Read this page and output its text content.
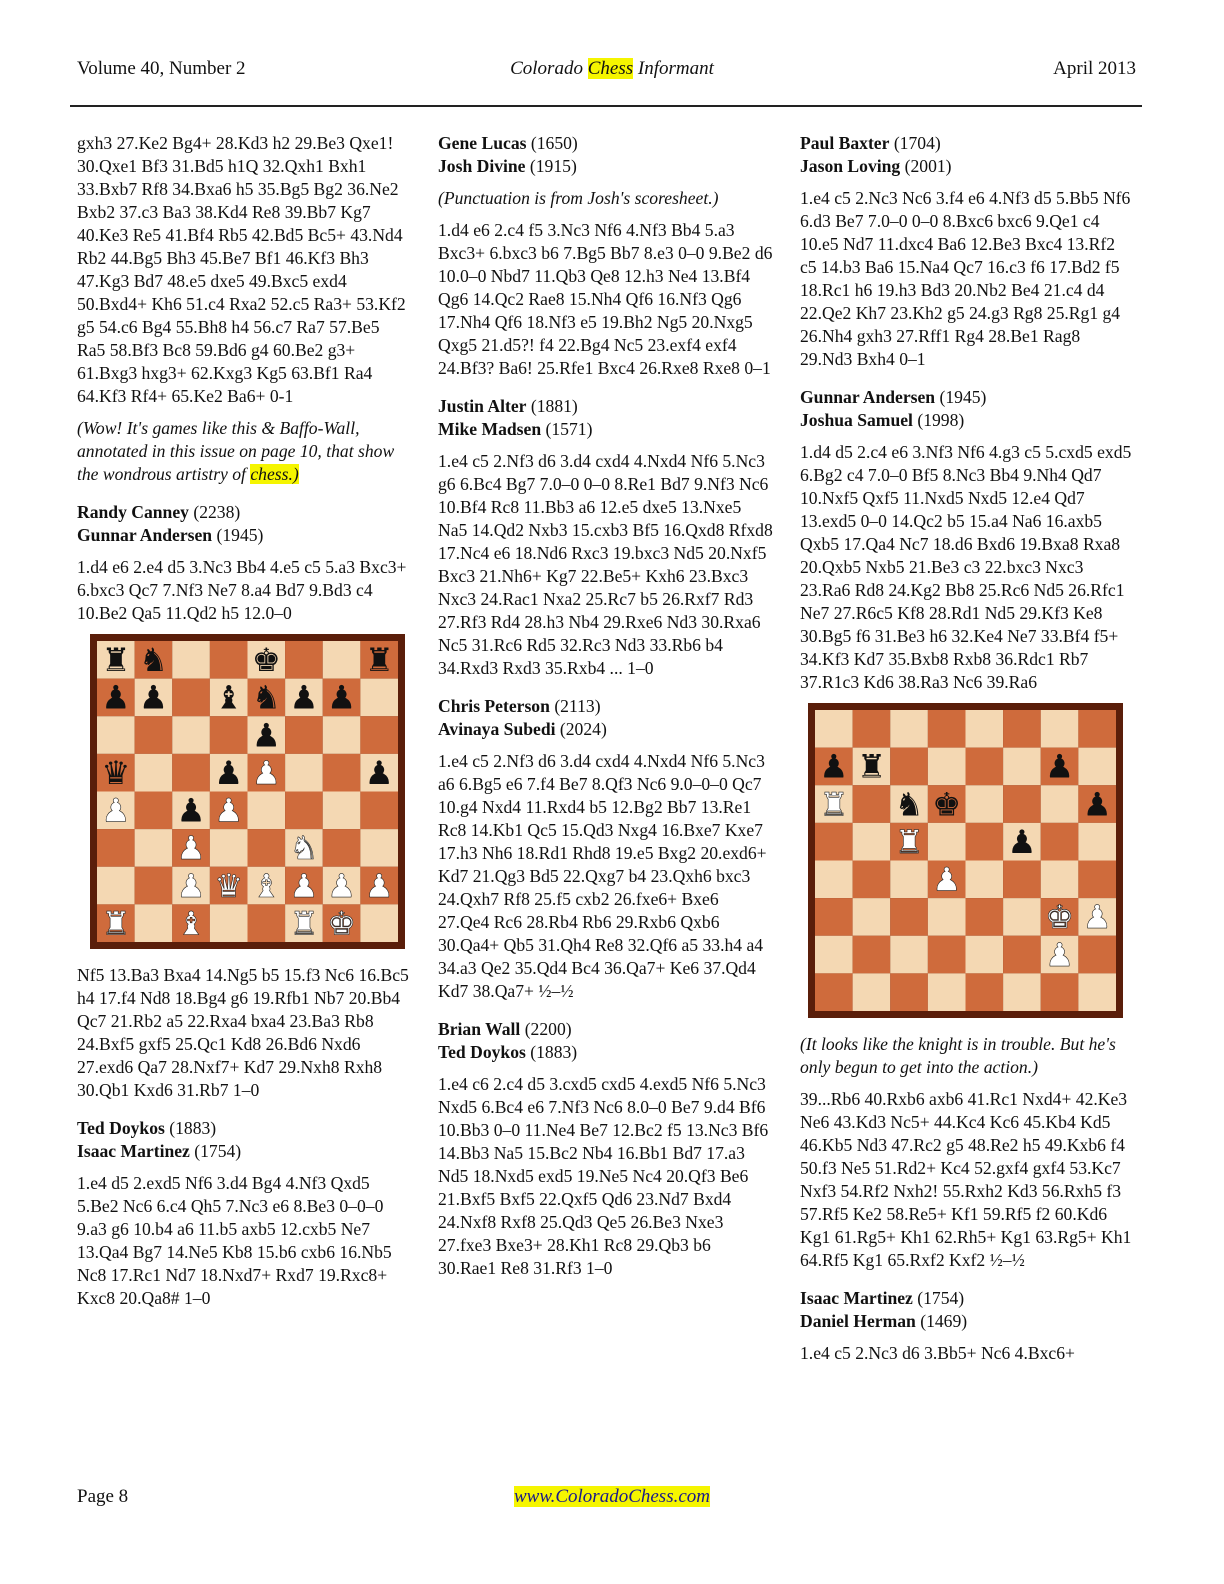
Volume 40, Number 2	Colorado Chess Informant	April 2013

gxh3 27.Ke2 Bg4+ 28.Kd3 h2 29.Be3 Qxe1! 30.Qxe1 Bf3 31.Bd5 h1Q 32.Qxh1 Bxh1 33.Bxb7 Rf8 34.Bxa6 h5 35.Bg5 Bg2 36.Ne2 Bxb2 37.c3 Ba3 38.Kd4 Re8 39.Bb7 Kg7 40.Ke3 Re5 41.Bf4 Rb5 42.Bd5 Bc5+ 43.Nd4 Rb2 44.Bg5 Bh3 45.Be7 Bf1 46.Kf3 Bh3 47.Kg3 Bd7 48.e5 dxe5 49.Bxc5 exd4 50.Bxd4+ Kh6 51.c4 Rxa2 52.c5 Ra3+ 53.Kf2 g5 54.c6 Bg4 55.Bh8 h4 56.c7 Ra7 57.Be5 Ra5 58.Bf3 Bc8 59.Bd6 g4 60.Be2 g3+ 61.Bxg3 hxg3+ 62.Kxg3 Kg5 63.Bf1 Ra4 64.Kf3 Rf4+ 65.Ke2 Ba6+ 0-1

(Wow! It's games like this & Baffo-Wall, annotated in this issue on page 10, that show the wondrous artistry of chess.)

Randy Canney (2238)
Gunnar Andersen (1945)

1.d4 e6 2.e4 d5 3.Nc3 Bb4 4.e5 c5 5.a3 Bxc3+ 6.bxc3 Qc7 7.Nf3 Ne7 8.a4 Bd7 9.Bd3 c4 10.Be2 Qa5 11.Qd2 h5 12.0–0

♜ ♞	♚	♜
♟ ♟ ♝ ♞ ♟ ♟
♟
♛	♟ ♟	♟
♟ ♟ ♟
♟	♞
♟ ♛ ♝ ♟ ♟ ♟
♜ ♝	♜ ♚

Nf5 13.Ba3 Bxa4 14.Ng5 b5 15.f3 Nc6 16.Bc5 h4 17.f4 Nd8 18.Bg4 g6 19.Rfb1 Nb7 20.Bb4 Qc7 21.Rb2 a5 22.Rxa4 bxa4 23.Ba3 Rb8 24.Bxf5 gxf5 25.Qc1 Kd8 26.Bd6 Nxd6 27.exd6 Qa7 28.Nxf7+ Kd7 29.Nxh8 Rxh8 30.Qb1 Kxd6 31.Rb7 1–0

Ted Doykos (1883)
Isaac Martinez (1754)

1.e4 d5 2.exd5 Nf6 3.d4 Bg4 4.Nf3 Qxd5 5.Be2 Nc6 6.c4 Qh5 7.Nc3 e6 8.Be3 0–0–0 9.a3 g6 10.b4 a6 11.b5 axb5 12.cxb5 Ne7 13.Qa4 Bg7 14.Ne5 Kb8 15.b6 cxb6 16.Nb5 Nc8 17.Rc1 Nd7 18.Nxd7+ Rxd7 19.Rxc8+ Kxc8 20.Qa8# 1–0

Gene Lucas (1650)
Josh Divine (1915)

(Punctuation is from Josh's scoresheet.)

1.d4 e6 2.c4 f5 3.Nc3 Nf6 4.Nf3 Bb4 5.a3 Bxc3+ 6.bxc3 b6 7.Bg5 Bb7 8.e3 0–0 9.Be2 d6 10.0–0 Nbd7 11.Qb3 Qe8 12.h3 Ne4 13.Bf4 Qg6 14.Qc2 Rae8 15.Nh4 Qf6 16.Nf3 Qg6 17.Nh4 Qf6 18.Nf3 e5 19.Bh2 Ng5 20.Nxg5 Qxg5 21.d5?! f4 22.Bg4 Nc5 23.exf4 exf4 24.Bf3? Ba6! 25.Rfe1 Bxc4 26.Rxe8 Rxe8 0–1

Justin Alter (1881)
Mike Madsen (1571)

1.e4 c5 2.Nf3 d6 3.d4 cxd4 4.Nxd4 Nf6 5.Nc3 g6 6.Bc4 Bg7 7.0–0 0–0 8.Re1 Bd7 9.Nf3 Nc6 10.Bf4 Rc8 11.Bb3 a6 12.e5 dxe5 13.Nxe5 Na5 14.Qd2 Nxb3 15.cxb3 Bf5 16.Qxd8 Rfxd8 17.Nc4 e6 18.Nd6 Rxc3 19.bxc3 Nd5 20.Nxf5 Bxc3 21.Nh6+ Kg7 22.Be5+ Kxh6 23.Bxc3 Nxc3 24.Rac1 Nxa2 25.Rc7 b5 26.Rxf7 Rd3 27.Rf3 Rd4 28.h3 Nb4 29.Rxe6 Nd3 30.Rxa6 Nc5 31.Rc6 Rd5 32.Rc3 Nd3 33.Rb6 b4 34.Rxd3 Rxd3 35.Rxb4 ... 1–0

Chris Peterson (2113)
Avinaya Subedi (2024)

1.e4 c5 2.Nf3 d6 3.d4 cxd4 4.Nxd4 Nf6 5.Nc3 a6 6.Bg5 e6 7.f4 Be7 8.Qf3 Nc6 9.0–0–0 Qc7 10.g4 Nxd4 11.Rxd4 b5 12.Bg2 Bb7 13.Re1 Rc8 14.Kb1 Qc5 15.Qd3 Nxg4 16.Bxe7 Kxe7 17.h3 Nh6 18.Rd1 Rhd8 19.e5 Bxg2 20.exd6+ Kd7 21.Qg3 Bd5 22.Qxg7 b4 23.Qxh6 bxc3 24.Qxh7 Rf8 25.f5 cxb2 26.fxe6+ Bxe6 27.Qe4 Rc6 28.Rb4 Rb6 29.Rxb6 Qxb6 30.Qa4+ Qb5 31.Qh4 Re8 32.Qf6 a5 33.h4 a4 34.a3 Qe2 35.Qd4 Bc4 36.Qa7+ Ke6 37.Qd4 Kd7 38.Qa7+ ½–½

Brian Wall (2200)
Ted Doykos (1883)

1.e4 c6 2.c4 d5 3.cxd5 cxd5 4.exd5 Nf6 5.Nc3 Nxd5 6.Bc4 e6 7.Nf3 Nc6 8.0–0 Be7 9.d4 Bf6 10.Bb3 0–0 11.Ne4 Be7 12.Bc2 f5 13.Nc3 Bf6 14.Bb3 Na5 15.Bc2 Nb4 16.Bb1 Bd7 17.a3 Nd5 18.Nxd5 exd5 19.Ne5 Nc4 20.Qf3 Be6 21.Bxf5 Bxf5 22.Qxf5 Qd6 23.Nd7 Bxd4 24.Nxf8 Rxf8 25.Qd3 Qe5 26.Be3 Nxe3 27.fxe3 Bxe3+ 28.Kh1 Rc8 29.Qb3 b6 30.Rae1 Re8 31.Rf3 1–0

Paul Baxter (1704)
Jason Loving (2001)

1.e4 c5 2.Nc3 Nc6 3.f4 e6 4.Nf3 d5 5.Bb5 Nf6 6.d3 Be7 7.0–0 0–0 8.Bxc6 bxc6 9.Qe1 c4 10.e5 Nd7 11.dxc4 Ba6 12.Be3 Bxc4 13.Rf2 c5 14.b3 Ba6 15.Na4 Qc7 16.c3 f6 17.Bd2 f5 18.Rc1 h6 19.h3 Bd3 20.Nb2 Be4 21.c4 d4 22.Qe2 Kh7 23.Kh2 g5 24.g3 Rg8 25.Rg1 g4 26.Nh4 gxh3 27.Rff1 Rg4 28.Be1 Rag8 29.Nd3 Bxh4 0–1

Gunnar Andersen (1945)
Joshua Samuel (1998)

1.d4 d5 2.c4 e6 3.Nf3 Nf6 4.g3 c5 5.cxd5 exd5 6.Bg2 c4 7.0–0 Bf5 8.Nc3 Bb4 9.Nh4 Qd7 10.Nxf5 Qxf5 11.Nxd5 Nxd5 12.e4 Qd7 13.exd5 0–0 14.Qc2 b5 15.a4 Na6 16.axb5 Qxb5 17.Qa4 Nc7 18.d6 Bxd6 19.Bxa8 Rxa8 20.Qxb5 Nxb5 21.Be3 c3 22.bxc3 Nxc3 23.Ra6 Rd8 24.Kg2 Bb8 25.Rc6 Nd5 26.Rfc1 Ne7 27.R6c5 Kf8 28.Rd1 Nd5 29.Kf3 Ke8 30.Bg5 f6 31.Be3 h6 32.Ke4 Ne7 33.Bf4 f5+ 34.Kf3 Kd7 35.Bxb8 Rxb8 36.Rdc1 Rb7 37.R1c3 Kd6 38.Ra3 Nc6 39.Ra6

♟ ♜	♟
♜ ♞ ♚	♟
♜	♟
♟
♚ ♟
♟

(It looks like the knight is in trouble. But he's only begun to get into the action.)

39...Rb6 40.Rxb6 axb6 41.Rc1 Nxd4+ 42.Ke3 Ne6 43.Kd3 Nc5+ 44.Kc4 Kc6 45.Kb4 Kd5 46.Kb5 Nd3 47.Rc2 g5 48.Re2 h5 49.Kxb6 f4 50.f3 Ne5 51.Rd2+ Kc4 52.gxf4 gxf4 53.Kc7 Nxf3 54.Rf2 Nxh2! 55.Rxh2 Kd3 56.Rxh5 f3 57.Rf5 Ke2 58.Re5+ Kf1 59.Rf5 f2 60.Kd6 Kg1 61.Rg5+ Kh1 62.Rh5+ Kg1 63.Rg5+ Kh1 64.Rf5 Kg1 65.Rxf2 Kxf2 ½–½

Isaac Martinez (1754)
Daniel Herman (1469)

1.e4 c5 2.Nc3 d6 3.Bb5+ Nc6 4.Bxc6+

Page 8	www.ColoradoChess.com
